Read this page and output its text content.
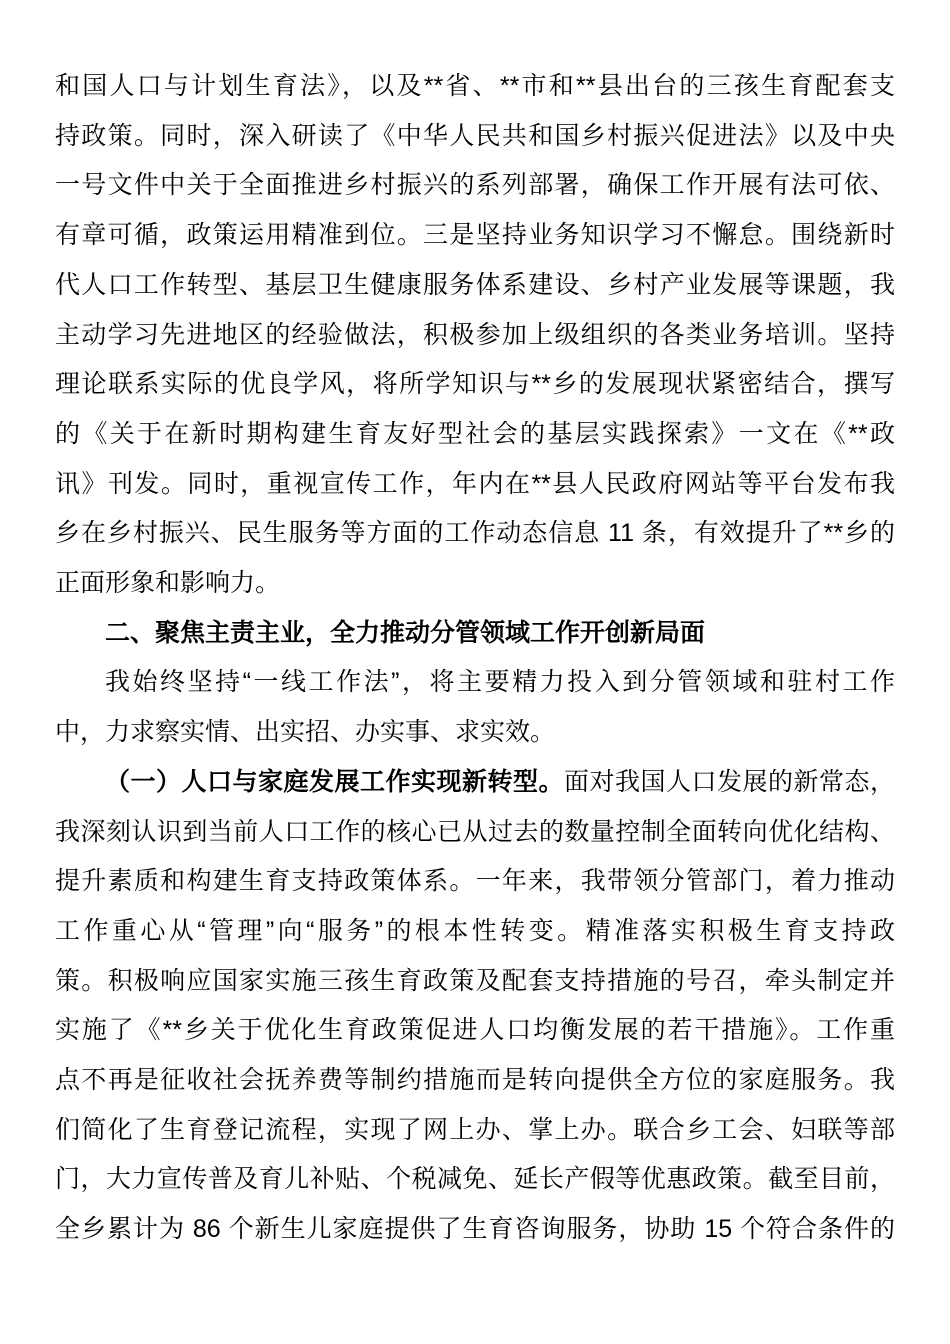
和国人口与计划生育法》，以及**省、**市和**县出台的三孩生育配套支
持政策。同时，深入研读了《中华人民共和国乡村振兴促进法》以及中央
一号文件中关于全面推进乡村振兴的系列部署，确保工作开展有法可依、
有章可循，政策运用精准到位。三是坚持业务知识学习不懈怠。围绕新时
代人口工作转型、基层卫生健康服务体系建设、乡村产业发展等课题，我
主动学习先进地区的经验做法，积极参加上级组织的各类业务培训。坚持
理论联系实际的优良学风，将所学知识与**乡的发展现状紧密结合，撰写
的《关于在新时期构建生育友好型社会的基层实践探索》一文在《**政
讯》刊发。同时，重视宣传工作，年内在**县人民政府网站等平台发布我
乡在乡村振兴、民生服务等方面的工作动态信息 11 条，有效提升了**乡的
正面形象和影响力。
二、聚焦主责主业，全力推动分管领域工作开创新局面
我始终坚持“一线工作法”，将主要精力投入到分管领域和驻村工作
中，力求察实情、出实招、办实事、求实效。
（一）人口与家庭发展工作实现新转型。面对我国人口发展的新常态，
我深刻认识到当前人口工作的核心已从过去的数量控制全面转向优化结构、
提升素质和构建生育支持政策体系。一年来，我带领分管部门，着力推动
工作重心从“管理”向“服务”的根本性转变。精准落实积极生育支持政
策。积极响应国家实施三孩生育政策及配套支持措施的号召，牵头制定并
实施了《**乡关于优化生育政策促进人口均衡发展的若干措施》。工作重
点不再是征收社会抚养费等制约措施而是转向提供全方位的家庭服务。我
们简化了生育登记流程，实现了网上办、掌上办。联合乡工会、妇联等部
门，大力宣传普及育儿补贴、个税减免、延长产假等优惠政策。截至目前，
全乡累计为 86 个新生儿家庭提供了生育咨询服务，协助 15 个符合条件的
